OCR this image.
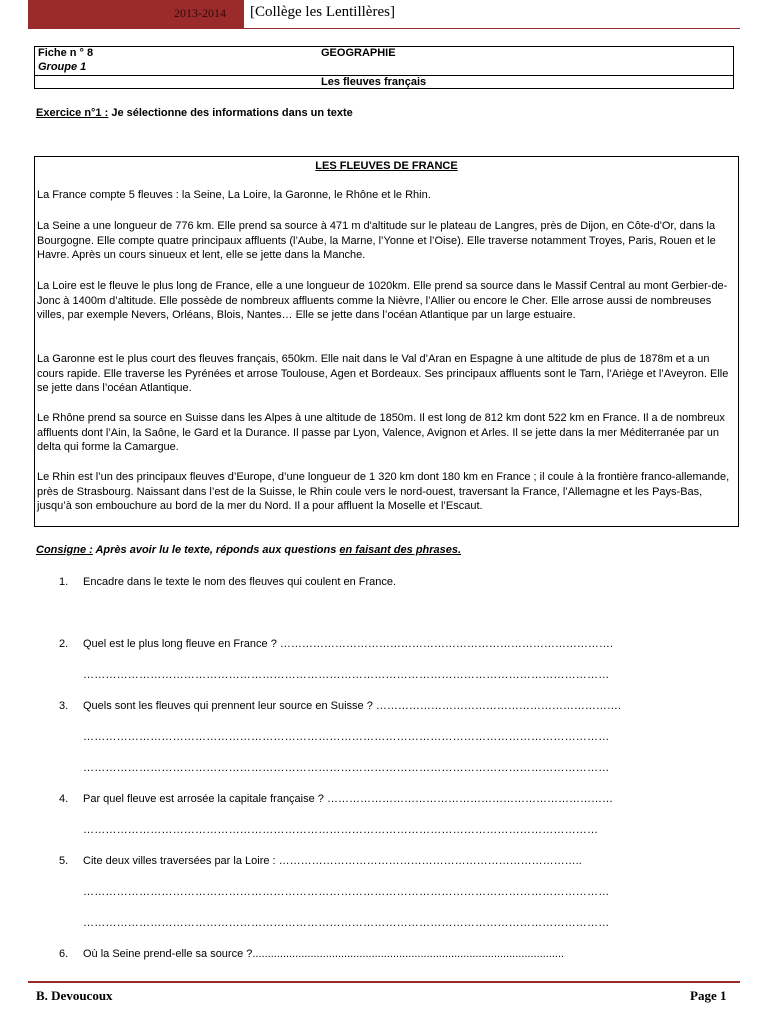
2013-2014 [Collège les Lentillères]
Fiche n ° 8
Groupe 1
GEOGRAPHIE
Les fleuves français
Exercice n°1 : Je sélectionne des informations dans un texte
LES FLEUVES DE FRANCE

La France compte 5 fleuves : la Seine, La Loire, la Garonne, le Rhône et le Rhin.

La Seine a une longueur de 776 km. Elle prend sa source à 471 m d'altitude sur le plateau de Langres, près de Dijon, en Côte-d'Or, dans la Bourgogne. Elle compte quatre principaux affluents (l’Aube, la Marne, l’Yonne et l’Oise). Elle traverse notamment Troyes, Paris, Rouen et le Havre. Après un cours sinueux et lent, elle se jette dans la Manche.

La Loire est le fleuve le plus long de France, elle a une longueur de 1020km. Elle prend sa source dans le Massif Central au mont Gerbier-de-Jonc à 1400m d’altitude. Elle possède de nombreux affluents comme la Nièvre, l’Allier ou encore le Cher. Elle arrose aussi de nombreuses villes, par exemple Nevers, Orléans, Blois, Nantes… Elle se jette dans l’océan Atlantique par un large estuaire.

La Garonne est le plus court des fleuves français, 650km. Elle nait dans le Val d’Aran en Espagne à une altitude de plus de 1878m et a un cours rapide. Elle traverse les Pyrénées et arrose Toulouse, Agen et Bordeaux. Ses principaux affluents sont le Tarn, l’Ariège et l’Aveyron. Elle se jette dans l’océan Atlantique.

Le Rhône prend sa source en Suisse dans les Alpes à une altitude de 1850m. Il est long de 812 km dont 522 km en France. Il a de nombreux affluents dont l’Ain, la Saône, le Gard et la Durance. Il passe par Lyon, Valence, Avignon et Arles. Il se jette dans la mer Méditerranée par un delta qui forme la Camargue.

Le Rhin est l’un des principaux fleuves d’Europe, d’une longueur de 1 320 km dont 180 km en France ; il coule à la frontière franco-allemande, près de Strasbourg. Naissant dans l’est de la Suisse, le Rhin coule vers le nord-ouest, traversant la France, l’Allemagne et les Pays-Bas, jusqu’à son embouchure au bord de la mer du Nord. Il a pour affluent la Moselle et l’Escaut.

Consigne : Après avoir lu le texte, réponds aux questions en faisant des phrases.
1. Encadre dans le texte le nom des fleuves qui coulent en France.
2. Quel est le plus long fleuve en France ? ……………………………………………………………………………….
……………………………………………………………………………………………………………………………
3. Quels sont les fleuves qui prennent leur source en Suisse ? ………………………………………………………….
……………………………………………………………………………………………………………………………
……………………………………………………………………………………………………………………………
4. Par quel fleuve est arrosée la capitale française ? ……………………………………………………………………
…………………………………………………………………………………………………………………………
5. Cite deux villes traversées par la Loire : ………………………………………………………………………..
……………………………………………………………………………………………………………………………
……………………………………………………………………………………………………………………………
6. Où la Seine prend-elle sa source ?......................................................................................................
B. Devoucoux	Page 1
